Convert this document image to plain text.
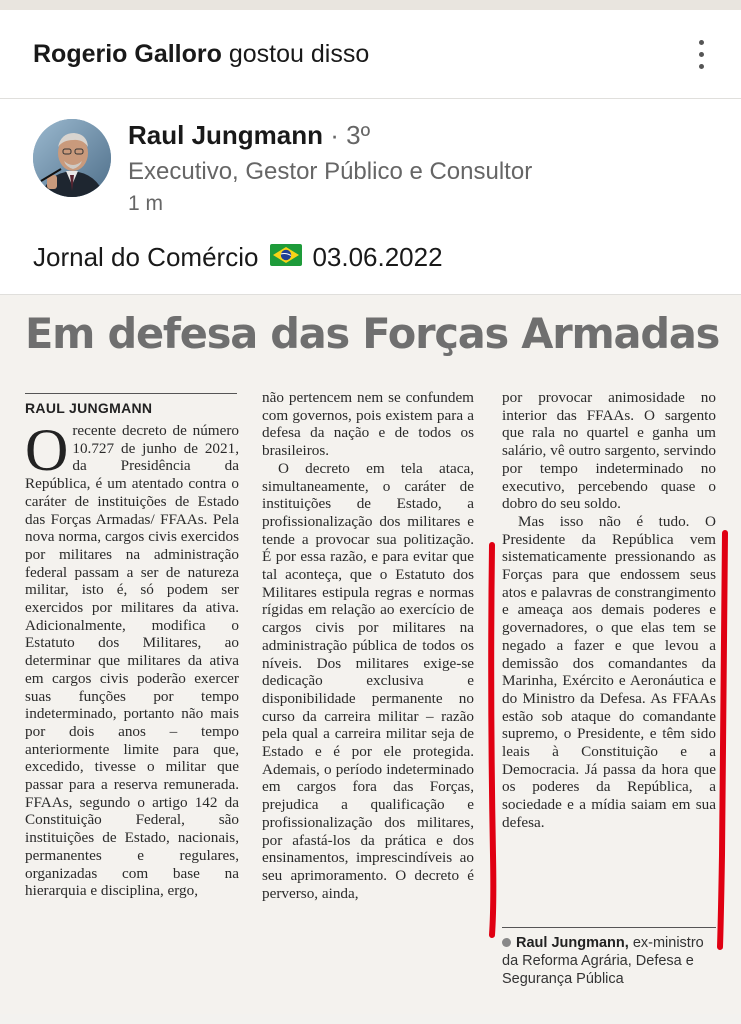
Rogerio Galloro gostou disso
Raul Jungmann · 3º
Executivo, Gestor Público e Consultor
1 m
Jornal do Comércio 03.06.2022
Em defesa das Forças Armadas
RAUL JUNGMANN

Orecente decreto de número 10.727 de junho de 2021, da Presidência da República, é um atentado contra o caráter de instituições de Estado das Forças Armadas/ FFAAs. Pela nova norma, cargos civis exercidos por militares na administração federal passam a ser de natureza militar, isto é, só podem ser exercidos por militares da ativa. Adicionalmente, modifica o Estatuto dos Militares, ao determinar que militares da ativa em cargos civis poderão exercer suas funções por tempo indeterminado, portanto não mais por dois anos – tempo anteriormente limite para que, excedido, tivesse o militar que passar para a reserva remunerada. FFAAs, segundo o artigo 142 da Constituição Federal, são instituições de Estado, nacionais, permanentes e regulares, organizadas com base na hierarquia e disciplina, ergo,

não pertencem nem se confundem com governos, pois existem para a defesa da nação e de todos os brasileiros.

O decreto em tela ataca, simultaneamente, o caráter de instituições de Estado, a profissionalização dos militares e tende a provocar sua politização. É por essa razão, e para evitar que tal aconteça, que o Estatuto dos Militares estipula regras e normas rígidas em relação ao exercício de cargos civis por militares na administração pública de todos os níveis. Dos militares exige-se dedicação exclusiva e disponibilidade permanente no curso da carreira militar – razão pela qual a carreira militar seja de Estado e é por ele protegida. Ademais, o período indeterminado em cargos fora das Forças, prejudica a qualificação e profissionalização dos militares, por afastá-los da prática e dos ensinamentos, imprescindíveis ao seu aprimoramento. O decreto é perverso, ainda,

por provocar animosidade no interior das FFAAs. O sargento que rala no quartel e ganha um salário, vê outro sargento, servindo por tempo indeterminado no executivo, percebendo quase o dobro do seu soldo.

Mas isso não é tudo. O Presidente da República vem sistematicamente pressionando as Forças para que endossem seus atos e palavras de constrangimento e ameaça aos demais poderes e governadores, o que elas tem se negado a fazer e que levou a demissão dos comandantes da Marinha, Exército e Aeronáutica e do Ministro da Defesa. As FFAAs estão sob ataque do comandante supremo, o Presidente, e têm sido leais à Constituição e a Democracia. Já passa da hora que os poderes da República, a sociedade e a mídia saiam em sua defesa.

Raul Jungmann, ex-ministro da Reforma Agrária, Defesa e Segurança Pública
